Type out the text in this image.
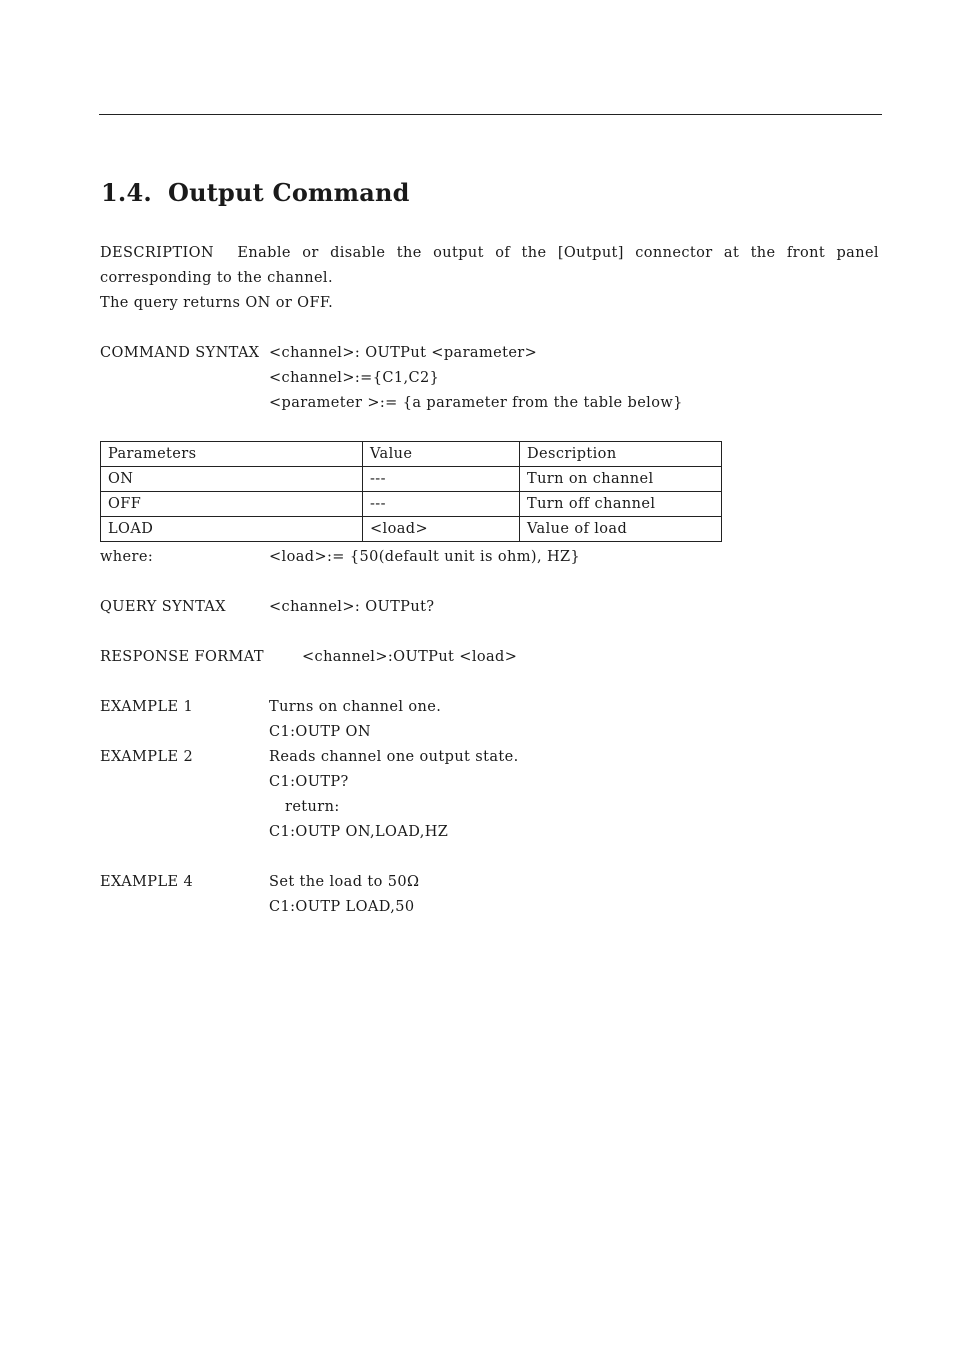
1.4. Output Command
DESCRIPTION Enable or disable the output of the [Output] connector at the front panel
corresponding to the channel.
The query returns ON or OFF.
COMMAND SYNTAX <channel>: OUTPut <parameter>
<channel>:={C1,C2}
<parameter >:= {a parameter from the table below}
Parameters	Value	Description
ON	---	Turn on channel
OFF	---	Turn off channel
LOAD	<load>	Value of load
where:	<load>:= {50(default unit is ohm), HZ}
QUERY SYNTAX	<channel>: OUTPut?
RESPONSE FORMAT	<channel>:OUTPut <load>
EXAMPLE 1	Turns on channel one.
C1:OUTP ON
EXAMPLE 2	Reads channel one output state.
C1:OUTP?
return:
C1:OUTP ON,LOAD,HZ
EXAMPLE 4	Set the load to 50Ω
C1:OUTP LOAD,50
